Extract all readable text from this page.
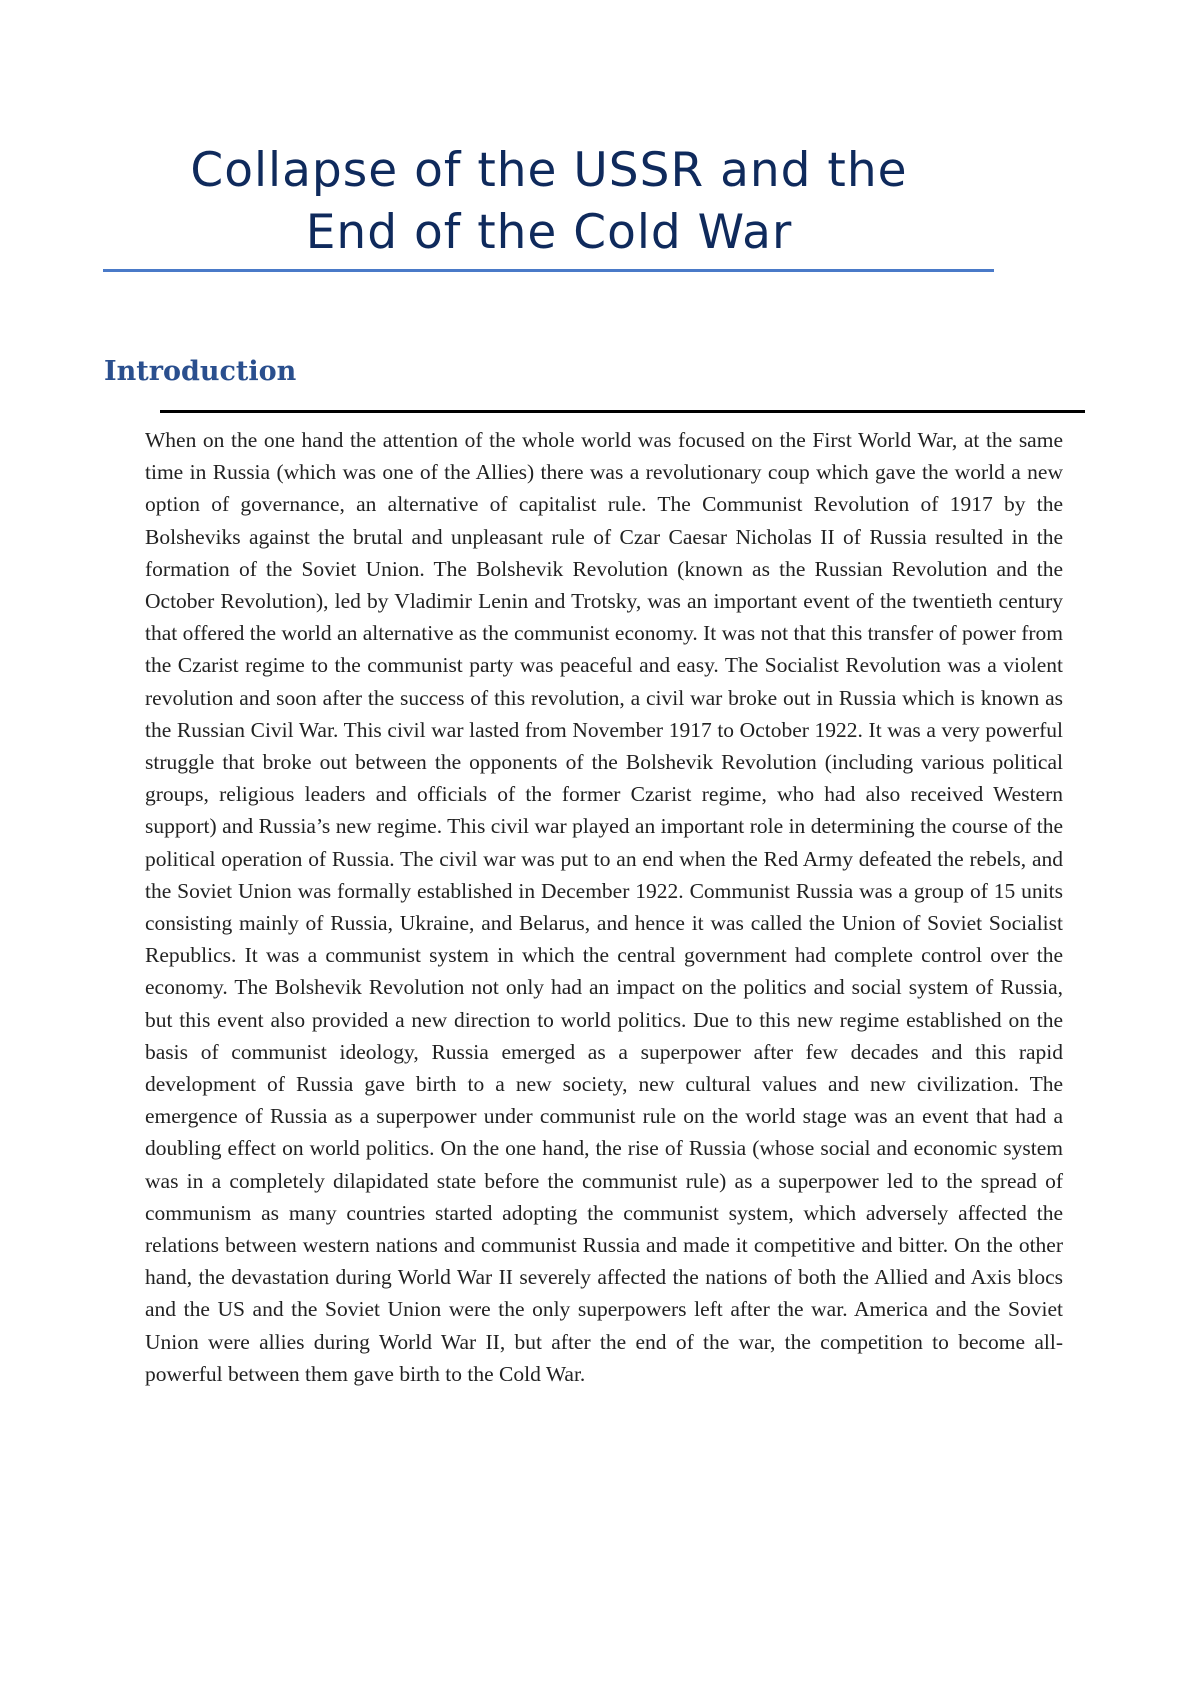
Collapse of the USSR and the
End of the Cold War
Introduction

When on the one hand the attention of the whole world was focused on the First World War, at the same time in Russia (which was one of the Allies) there was a revolutionary coup which gave the world a new option of governance, an alternative of capitalist rule. The Communist Revolution of 1917 by the Bolsheviks against the brutal and unpleasant rule of Czar Caesar Nicholas II of Russia resulted in the formation of the Soviet Union. The Bolshevik Revolution (known as the Russian Revolution and the October Revolution), led by Vladimir Lenin and Trotsky, was an important event of the twentieth century that offered the world an alternative as the communist economy. It was not that this transfer of power from the Czarist regime to the communist party was peaceful and easy. The Socialist Revolution was a violent revolution and soon after the success of this revolution, a civil war broke out in Russia which is known as the Russian Civil War. This civil war lasted from November 1917 to October 1922. It was a very powerful struggle that broke out between the opponents of the Bolshevik Revolution (including various political groups, religious leaders and officials of the former Czarist regime, who had also received Western support) and Russia’s new regime. This civil war played an important role in determining the course of the political operation of Russia. The civil war was put to an end when the Red Army defeated the rebels, and the Soviet Union was formally established in December 1922. Communist Russia was a group of 15 units consisting mainly of Russia, Ukraine, and Belarus, and hence it was called the Union of Soviet Socialist Republics. It was a communist system in which the central government had complete control over the economy. The Bolshevik Revolution not only had an impact on the politics and social system of Russia, but this event also provided a new direction to world politics. Due to this new regime established on the basis of communist ideology, Russia emerged as a superpower after few decades and this rapid development of Russia gave birth to a new society, new cultural values and new civilization. The emergence of Russia as a superpower under communist rule on the world stage was an event that had a doubling effect on world politics. On the one hand, the rise of Russia (whose social and economic system was in a completely dilapidated state before the communist rule) as a superpower led to the spread of communism as many countries started adopting the communist system, which adversely affected the relations between western nations and communist Russia and made it competitive and bitter. On the other hand, the devastation during World War II severely affected the nations of both the Allied and Axis blocs and the US and the Soviet Union were the only superpowers left after the war. America and the Soviet Union were allies during World War II, but after the end of the war, the competition to become all-powerful between them gave birth to the Cold War.
